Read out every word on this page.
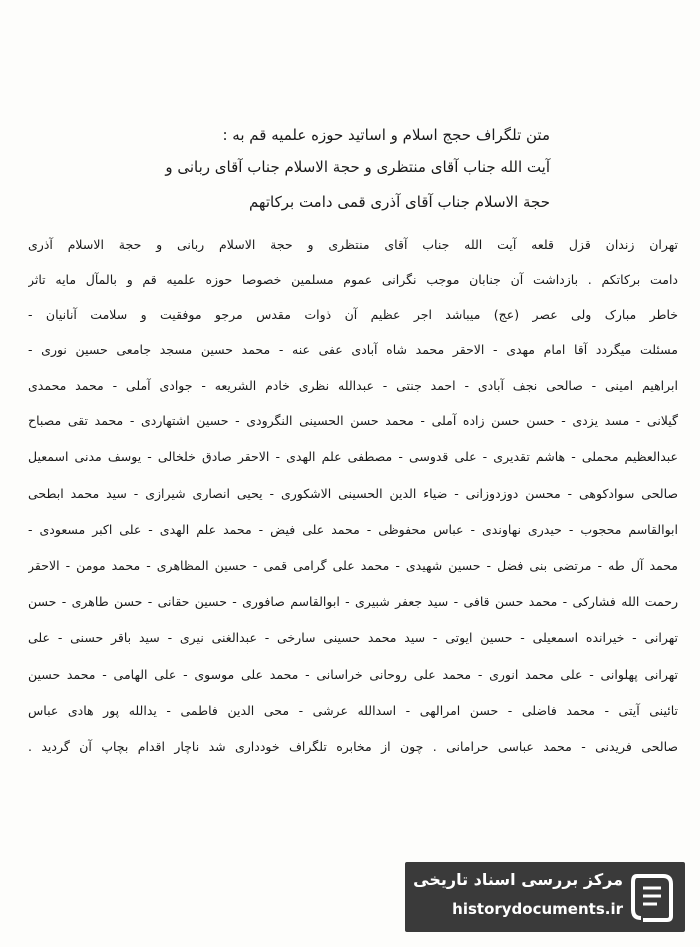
متن تلگراف حجج اسلام و اساتید حوزه علمیه قم به :
آیت الله جناب آقای منتظری و حجة الاسلام جناب آقای ربانی و
حجة الاسلام جناب آقای آذری قمی دامت برکاتهم
تهران زندان قزل قلعه آیت الله جناب آقای منتظری و حجة الاسلام ربانی و حجة الاسلام آذری
دامت برکاتکم . بازداشت آن جنابان موجب نگرانی عموم مسلمین خصوصا حوزه علمیه قم و بالمآل مایه تاثر
خاطر مبارک ولی عصر (عج) میباشد اجر عظیم آن ذوات مقدس مرجو موفقیت و سلامت آنانیان -
مسئلت میگردد آقا امام مهدی - الاحقر محمد شاه آبادی عفی عنه - محمد حسین مسجد جامعی حسین نوری -
ابراهیم امینی - صالحی نجف آبادی - احمد جنتی - عبدالله نظری خادم الشریعه - جوادی آملی - محمد محمدی
گیلانی - مسد یزدی - حسن حسن زاده آملی - محمد حسن الحسینی النگرودی - حسین اشتهاردی - محمد تقی مصباح
عبدالعظیم محملی - هاشم تقدیری - علی قدوسی - مصطفی علم الهدی - الاحقر صادق خلخالی - یوسف مدنی اسمعیل
صالحی سوادکوهی - محسن دوزدوزانی - ضیاء الدین الحسینی الاشکوری - یحیی انصاری شیرازی - سید محمد ابطحی
ابوالقاسم محجوب - حیدری نهاوندی - عباس محفوظی - محمد علی فیض - محمد علم الهدی - علی اکبر مسعودی -
محمد آل طه - مرتضی بنی فضل - حسین شهیدی - محمد علی گرامی قمی - حسین المظاهری - محمد مومن - الاحقر
رحمت الله فشارکی - محمد حسن قافی - سید جعفر شبیری - ابوالقاسم صافوری - حسین حقانی - حسن طاهری - حسن
تهرانی - خیرانده اسمعیلی - حسین ایوتی - سید محمد حسینی سارخی - عبدالغنی نیری - سید باقر حسنی - علی
تهرانی پهلوانی - علی محمد انوری - محمد علی روحانی خراسانی - محمد علی موسوی - علی الهامی - محمد حسین
تائینی آیتی - محمد فاضلی - حسن امرالهی - اسدالله عرشی - محی الدین فاطمی - یدالله پور هادی عباس
صالحی فریدنی - محمد عباسی حرامانی . چون از مخابره تلگراف خودداری شد ناچار اقدام بچاپ آن گردید .
مرکز بررسی اسناد تاریخی
historydocuments.ir
